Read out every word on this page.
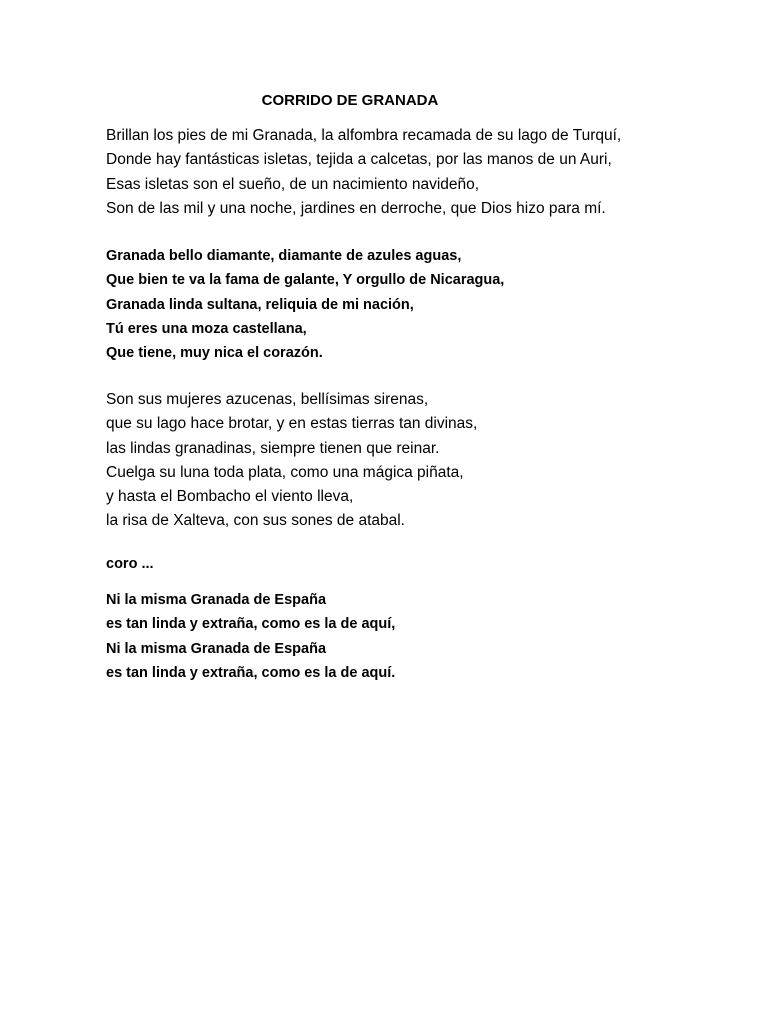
CORRIDO DE GRANADA
Brillan los pies de mi Granada, la alfombra recamada de su lago de Turquí,
Donde hay fantásticas isletas, tejida a calcetas, por las manos de un Auri,
Esas isletas son el sueño, de un nacimiento navideño,
Son de las mil y una noche, jardines en derroche, que Dios hizo para mí.
Granada bello diamante, diamante de azules aguas,
Que bien te va la fama de galante, Y orgullo de Nicaragua,
Granada linda sultana, reliquia de mi nación,
Tú eres una moza castellana,
Que tiene, muy nica el corazón.
Son sus mujeres azucenas, bellísimas sirenas,
que su lago hace brotar, y en estas tierras tan divinas,
las lindas granadinas, siempre tienen que reinar.
Cuelga su luna toda plata, como una mágica piñata,
y hasta el Bombacho el viento lleva,
la risa de Xalteva, con sus sones de atabal.
coro ...
Ni la misma Granada de España
es tan linda y extraña, como es la de aquí,
Ni la misma Granada de España
es tan linda y extraña, como es la de aquí.
